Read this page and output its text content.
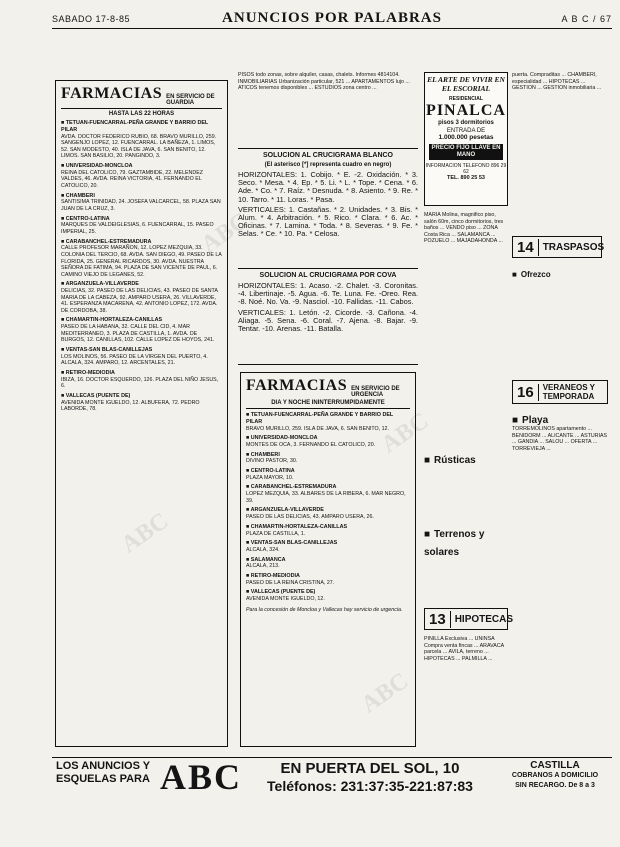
SABADO 17-8-85	ANUNCIOS POR PALABRAS	A B C / 67
FARMACIAS EN SERVICIO DE GUARDIA
HASTA LAS 22 HORAS
■ TETUAN-FUENCARRAL-PEÑA GRANDE Y BARRIO DEL PILAR

AVDA. DOCTOR FEDERICO RUBIO, 68. BRAVO MURILLO, 259. SANGENJO LOPEZ, 12. FUENCARRAL. LA BAÑEZA, 1. LIMOS, 52. SAN MODESTO, 40. ISLA DE JAVA, 6. SAN BENITO, 12. LIMOS. SAN BASILIO, 20. PANGINDO, 3.

■ UNIVERSIDAD-MONCLOA

REINA DEL CATOLICO, 79. GAZTAMBIDE, 22. MELENDEZ VALDES, 46. AVDA. REINA VICTORIA, 41. FERNANDO EL CATOLICO, 20.

■ CHAMBERI

SANTISIMA TRINIDAD, 24. JOSEFA VALCARCEL, 58. PLAZA SAN JUAN DE LA CRUZ, 3.

■ CENTRO-LATINA

MARQUES DE VALDEIGLESIAS, 6. FUENCARRAL, 15. PASEO IMPERIAL, 25.

■ CARABANCHEL-ESTREMADURA

CALLE PROFESOR MARAÑON, 12. LOPEZ MEZQUIA, 33. COLONIA DEL TERCIO, 68. AVDA. SAN DIEGO, 49. PASEO DE LA FLORIDA, 25. GENERAL RICARDOS, 30. AVDA. NUESTRA SEÑORA DE FATIMA, 94. PLAZA DE SAN VICENTE DE PAUL, 6. CAMINO VIEJO DE LEGANES, 52.

■ ARGANZUELA-VILLAVERDE

DELICIAS, 32. PASEO DE LAS DELICIAS, 43. PASEO DE SANTA MARIA DE LA CABEZA, 92. AMPARO USERA, 26. VILLAVERDE, 41. ESPERANZA MACARENA, 42. ANTONIO LOPEZ, 172. AVDA. DE CORDOBA, 38.

■ CHAMARTIN-HORTALEZA-CANILLAS

PASEO DE LA HABANA, 32. CALLE DEL CID, 4. MAR MEDITERRANEO, 3. PLAZA DE CASTILLA, 1. AVDA. DE BURGOS, 12. CANILLAS, 102. CALLE LOPEZ DE HOYOS, 241.

■ VENTAS-SAN BLAS-CANILLEJAS

LOS MOLINOS, 56. PASEO DE LA VIRGEN DEL PUERTO, 4. ALCALA, 324. AMPARO, 12. ARCENTALES, 21.

■ RETIRO-MEDIODIA

IBIZA, 16. DOCTOR ESQUERDO, 126. PLAZA DEL NIÑO JESUS, 6.

■ VALLECAS (PUENTE DE)

AVENIDA MONTE IGUELDO, 12. ALBUFERA, 72. PEDRO LABORDE, 78.

PISOS todo zonas, sobre alquiler, casas, chalets. Informes 4814104. INMOBILIARIAS Urbanización particular, 521 ... APARTAMENTOS lujo ... ATICOS tenemos disponibles ... ESTUDIOS zona centro ...

SOLUCION AL CRUCIGRAMA BLANCO
(El asterisco [*] representa cuadro en negro)

HORIZONTALES: 1. Cobijo. * E. -2. Oxidación. * 3. Seco. * Mesa. * 4. Ep. * 5. Li. * L. * Tope. * Cena. * 6. Ade. * Co. * 7. Raíz. * Desnuda. * 8. Asiento. * 9. Re. * 10. Tarro. * 11. Loras. * Pasa.

VERTICALES: 1. Castañas. * 2. Unidades. * 3. Bis. * Alum. * 4. Arbitración. * 5. Rico. * Clara. * 6. Ac. * Oficinas. * 7. Lamina. * Toda. * 8. Severas. * 9. Fe. * Selas. * Ce. * 10. Pa. * Celosa.

SOLUCION AL CRUCIGRAMA POR COVA

HORIZONTALES: 1. Acaso. -2. Chalet. -3. Coronitas. -4. Libertinaje. -5. Agua. -6. Te. Luna. Fe. -Oreo. Rea. -8. Noé. No. Va. -9. Nasciol. -10. Fallidas. -11. Cabos.

VERTICALES: 1. Letón. -2. Cicorde. -3. Cañona. -4. Aliaga. -5. Sena. -6. Coral. -7. Ajena. -8. Bajar. -9. Tentar. -10. Arenas. -11. Batalla.

FARMACIAS EN SERVICIO DE URGENCIA
DIA Y NOCHE ININTERRUMPIDAMENTE
■ TETUAN-FUENCARRAL-PEÑA GRANDE Y BARRIO DEL PILAR

BRAVO MURILLO, 259. ISLA DE JAVA, 6. SAN BENITO, 12.

■ UNIVERSIDAD-MONCLOA

MONTES DE OCA, 3. FERNANDO EL CATOLICO, 20.

■ CHAMBERI

DIVINO PASTOR, 30.

■ CENTRO-LATINA

PLAZA MAYOR, 10.

■ CARABANCHEL-ESTREMADURA

LOPEZ MEZQUIA, 33. ALBARES DE LA RIBERA, 6. MAR NEGRO, 39.

■ ARGANZUELA-VILLAVERDE

PASEO DE LAS DELICIAS, 43. AMPARO USERA, 26.

■ CHAMARTIN-HORTALEZA-CANILLAS

PLAZA DE CASTILLA, 1.

■ VENTAS-SAN BLAS-CANILLEJAS

ALCALA, 324.

■ SALAMANCA

ALCALA, 213.

■ RETIRO-MEDIODIA

PASEO DE LA REINA CRISTINA, 27.

■ VALLECAS (PUENTE DE)

AVENIDA MONTE IGUELDO, 12.

Para la concesión de Moncloa y Vallecas hay servicio de urgencia.

EL ARTE DE VIVIR EN EL ESCORIAL
RESIDENCIAL
PINALCA
pisos 3 dormitorios
ENTRADA DE
1.000.000 pesetas
PRECIO FIJO LLAVE EN MANO
INFORMACION TELEFONO 896 29 62
TEL. 890 25 53

MARIA Molina, magnifico piso, salón 60m, cinco dormitorios, tres baños ... VENDO piso ... ZONA Costa Rica ... SALAMANCA ... POZUELO ... MAJADAHONDA ...

■ Rústicas
■ Terrenos y solares
13 HIPOTECAS

PINILLA Exclusiva ... UNINSA Compra venta fincas ... ARAVACA parcela ... AVILA, terreno ... HIPOTECAS ... PALMILLA ...

puerta. Compraditas ... CHAMBERI, especialidad ... HIPOTECAS ... GESTION ... GESTION inmobiliaria ...

14 TRASPASOS
■ Ofrezco
16	VERANEOS Y TEMPORADA
■ Playa

TORREMOLINOS apartamento ... BENIDORM ... ALICANTE ... ASTURIAS ... GANDIA ... SALOU ... OFERTA ... TORREVIEJA ...

LOS ANUNCIOS Y ESQUELAS PARA ABC	EN PUERTA DEL SOL, 10
Teléfonos: 231:37:35-221:87:83
CASTILLA
COBRANOS A DOMICILIO
SIN RECARGO. De 8 a 3
ABC
ABC
ABC
ABC
